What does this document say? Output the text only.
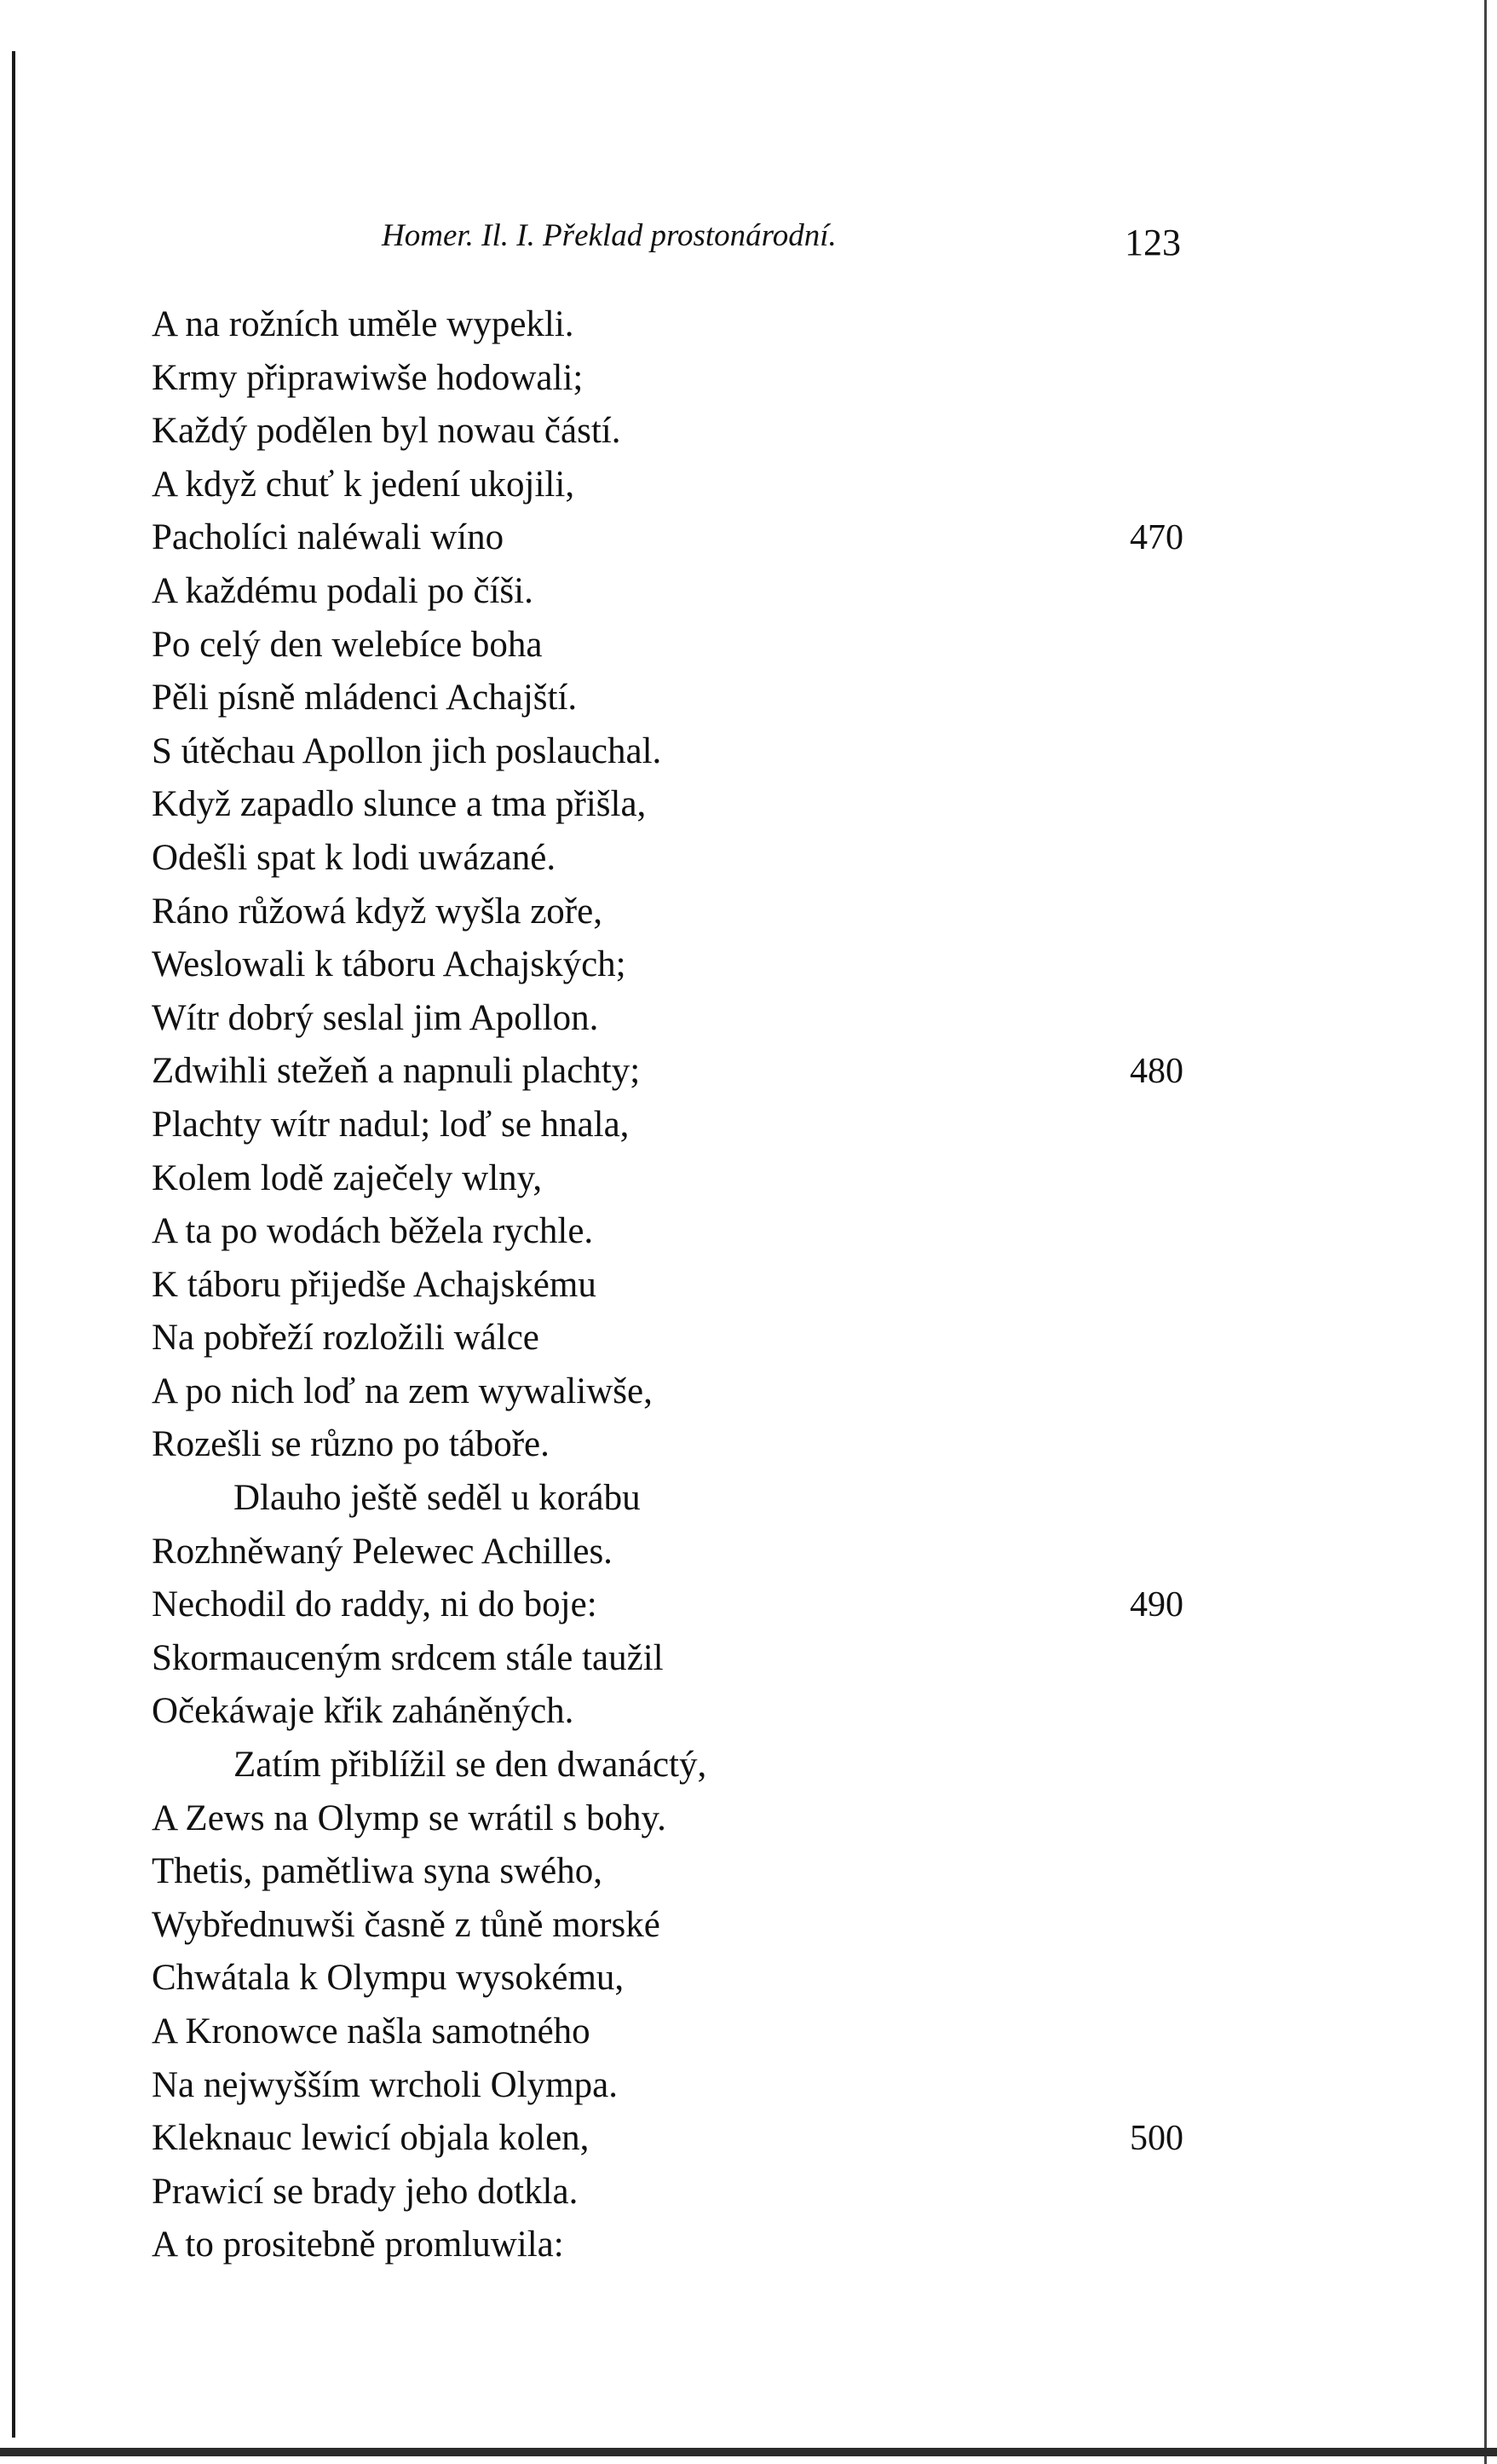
Homer. Il. I. Překlad prostonárodní.	123
A na rožních uměle wypekli.
Krmy připrawiwše hodowali;
Každý podělen byl nowau částí.
A když chuť k jedení ukojili,
Pacholíci naléwali wíno	470
A každému podali po číši.
Po celý den welebíce boha
Pěli písně mládenci Achajští.
S útěchau Apollon jich poslauchal.
Když zapadlo slunce a tma přišla,
Odešli spat k lodi uwázané.
Ráno růžowá když wyšla zoře,
Weslowali k táboru Achajských;
Wítr dobrý seslal jim Apollon.
Zdwihli stežeň a napnuli plachty;	480
Plachty wítr nadul; loď se hnala,
Kolem lodě zaječely wlny,
A ta po wodách běžela rychle.
K táboru přijedše Achajskému
Na pobřeží rozložili wálce
A po nich loď na zem wywaliwše,
Rozešli se různo po táboře.
Dlauho ještě seděl u korábu
Rozhněwaný Pelewec Achilles.
Nechodil do raddy, ni do boje:	490
Skormauceným srdcem stále taužil
Očekáwaje křik zaháněných.
Zatím přiblížil se den dwanáctý,
A Zews na Olymp se wrátil s bohy.
Thetis, pamětliwa syna swého,
Wybřednuwši časně z tůně morské
Chwátala k Olympu wysokému,
A Kronowce našla samotného
Na nejwyšším wrcholi Olympa.
Kleknauc lewicí objala kolen,	500
Prawicí se brady jeho dotkla.
A to prositebně promluwila:
